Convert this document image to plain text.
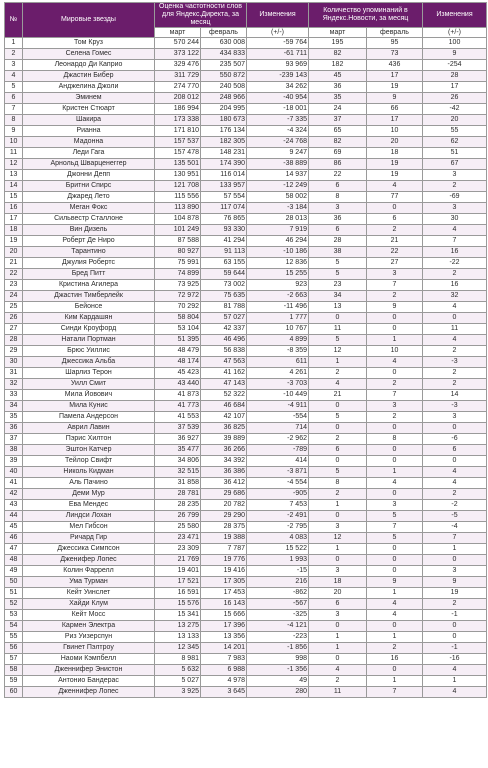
№	Мировые звезды	Оценка частотности слов для Яндекс.Директа, за месяц		Изменения	Количество упоминаний в Яндекс.Новости, за месяц		Изменения
		март	февраль	(+/-)	март	февраль	(+/-)
1	Том Круз	570 244	630 008	-59 764	195	95	100
2	Селена Гомес	373 122	434 833	-61 711	82	73	9
3	Леонардо Ди Каприо	329 476	235 507	93 969	182	436	-254
4	Джастин Бибер	311 729	550 872	-239 143	45	17	28
5	Анджелина Джоли	274 770	240 508	34 262	36	19	17
6	Эминем	208 012	248 966	-40 954	35	9	26
7	Кристен Стюарт	186 994	204 995	-18 001	24	66	-42
8	Шакира	173 338	180 673	-7 335	37	17	20
9	Рианна	171 810	176 134	-4 324	65	10	55
10	Мадонна	157 537	182 305	-24 768	82	20	62
11	Леди Гага	157 478	148 231	9 247	69	18	51
12	Арнольд Шварценеггер	135 501	174 390	-38 889	86	19	67
13	Джонни Депп	130 951	116 014	14 937	22	19	3
14	Бритни Спирс	121 708	133 957	-12 249	6	4	2
15	Джаред Лето	115 556	57 554	58 002	8	77	-69
16	Меган Фокс	113 890	117 074	-3 184	3	0	3
17	Сильвестр Сталлоне	104 878	76 865	28 013	36	6	30
18	Вин Дизель	101 249	93 330	7 919	6	2	4
19	Роберт Де Ниро	87 588	41 294	46 294	28	21	7
20	Тарантино	80 927	91 113	-10 186	38	22	16
21	Джулия Робертс	75 991	63 155	12 836	5	27	-22
22	Бред Питт	74 899	59 644	15 255	5	3	2
23	Кристина Агилера	73 925	73 002	923	23	7	16
24	Джастин Тимберлейк	72 972	75 635	-2 663	34	2	32
25	Бейонсе	70 292	81 788	-11 496	13	9	4
26	Ким Кардашян	58 804	57 027	1 777	0	0	0
27	Синди Кроуфорд	53 104	42 337	10 767	11	0	11
28	Натали Портман	51 395	46 496	4 899	5	1	4
29	Брюс Уиллис	48 479	56 838	-8 359	12	10	2
30	Джессика Альба	48 174	47 563	611	1	4	-3
31	Шарлиз Терон	45 423	41 162	4 261	2	0	2
32	Уилл Смит	43 440	47 143	-3 703	4	2	2
33	Мила Йовович	41 873	52 322	-10 449	21	7	14
34	Мила Кунис	41 773	46 684	-4 911	0	3	-3
35	Памела Андерсон	41 553	42 107	-554	5	2	3
36	Аврил Лавин	37 539	36 825	714	0	0	0
37	Пэрис Хилтон	36 927	39 889	-2 962	2	8	-6
38	Эштон Катчер	35 477	36 266	-789	6	0	6
39	Тейлор Свифт	34 806	34 392	414	0	0	0
40	Николь Кидман	32 515	36 386	-3 871	5	1	4
41	Аль Пачино	31 858	36 412	-4 554	8	4	4
42	Деми Мур	28 781	29 686	-905	2	0	2
43	Ева Мендес	28 235	20 782	7 453	1	3	-2
44	Линдси Лохан	26 799	29 290	-2 491	0	5	-5
45	Мел Гибсон	25 580	28 375	-2 795	3	7	-4
46	Ричард Гир	23 471	19 388	4 083	12	5	7
47	Джессика Симпсон	23 309	7 787	15 522	1	0	1
48	Дженифер Лопес	21 769	19 776	1 993	0	0	0
49	Колин Фаррелл	19 401	19 416	-15	3	0	3
50	Ума Турман	17 521	17 305	216	18	9	9
51	Кейт Уинслет	16 591	17 453	-862	20	1	19
52	Хайди Клум	15 576	16 143	-567	6	4	2
53	Кейт Мосс	15 341	15 666	-325	3	4	-1
54	Кармен Электра	13 275	17 396	-4 121	0	0	0
55	Риз Уизерспун	13 133	13 356	-223	1	1	0
56	Гвинет Пэлтроу	12 345	14 201	-1 856	1	2	-1
57	Наоми Кэмпбелл	8 981	7 983	998	0	16	-16
58	Дженнифер Энистон	5 632	6 988	-1 356	4	0	4
59	Антонио Бандерас	5 027	4 978	49	2	1	1
60	Дженнифер Лопес	3 925	3 645	280	11	7	4
